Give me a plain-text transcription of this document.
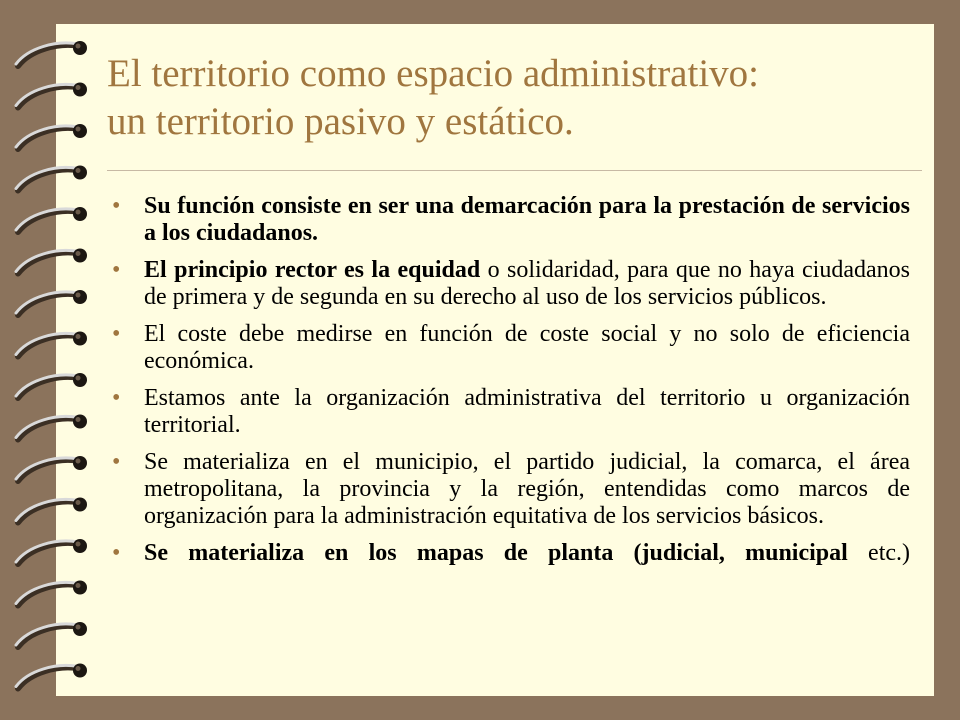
El territorio como espacio administrativo:
un territorio pasivo y estático.
• Su función consiste en ser una demarcación para la prestación de servicios a los ciudadanos.
• El principio rector es la equidad o solidaridad, para que no haya ciudadanos de primera y de segunda en su derecho al uso de los servicios públicos.
• El coste debe medirse en función de coste social y no solo de eficiencia económica.
• Estamos ante la organización administrativa del territorio u organización territorial.
• Se materializa en el municipio, el partido judicial, la comarca, el área metropolitana, la provincia y la región, entendidas como marcos de organización para la administración equitativa de los servicios básicos.
• Se materializa en los mapas de planta (judicial, municipal etc.)
